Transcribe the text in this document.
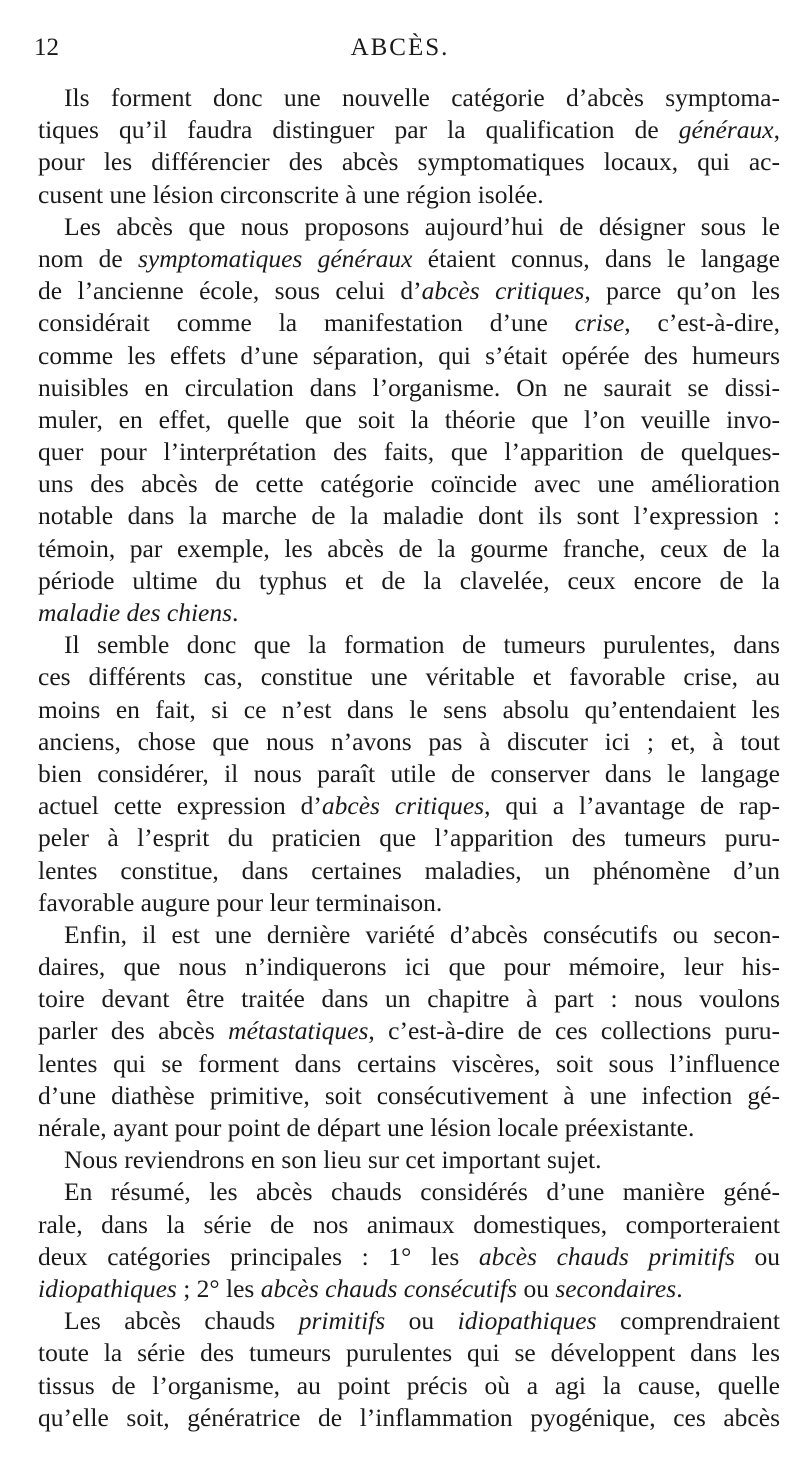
12	ABCÈS.
Ils forment donc une nouvelle catégorie d’abcès symptoma-
tiques qu’il faudra distinguer par la qualification de généraux,
pour les différencier des abcès symptomatiques locaux, qui ac-
cusent une lésion circonscrite à une région isolée.
Les abcès que nous proposons aujourd’hui de désigner sous le
nom de symptomatiques généraux étaient connus, dans le langage
de l’ancienne école, sous celui d’abcès critiques, parce qu’on les
considérait comme la manifestation d’une crise, c’est-à-dire,
comme les effets d’une séparation, qui s’était opérée des humeurs
nuisibles en circulation dans l’organisme. On ne saurait se dissi-
muler, en effet, quelle que soit la théorie que l’on veuille invo-
quer pour l’interprétation des faits, que l’apparition de quelques-
uns des abcès de cette catégorie coïncide avec une amélioration
notable dans la marche de la maladie dont ils sont l’expression :
témoin, par exemple, les abcès de la gourme franche, ceux de la
période ultime du typhus et de la clavelée, ceux encore de la
maladie des chiens.
Il semble donc que la formation de tumeurs purulentes, dans
ces différents cas, constitue une véritable et favorable crise, au
moins en fait, si ce n’est dans le sens absolu qu’entendaient les
anciens, chose que nous n’avons pas à discuter ici ; et, à tout
bien considérer, il nous paraît utile de conserver dans le langage
actuel cette expression d’abcès critiques, qui a l’avantage de rap-
peler à l’esprit du praticien que l’apparition des tumeurs puru-
lentes constitue, dans certaines maladies, un phénomène d’un
favorable augure pour leur terminaison.
Enfin, il est une dernière variété d’abcès consécutifs ou secon-
daires, que nous n’indiquerons ici que pour mémoire, leur his-
toire devant être traitée dans un chapitre à part : nous voulons
parler des abcès métastatiques, c’est-à-dire de ces collections puru-
lentes qui se forment dans certains viscères, soit sous l’influence
d’une diathèse primitive, soit consécutivement à une infection gé-
nérale, ayant pour point de départ une lésion locale préexistante.
Nous reviendrons en son lieu sur cet important sujet.
En résumé, les abcès chauds considérés d’une manière géné-
rale, dans la série de nos animaux domestiques, comporteraient
deux catégories principales : 1° les abcès chauds primitifs ou
idiopathiques ; 2° les abcès chauds consécutifs ou secondaires.
Les abcès chauds primitifs ou idiopathiques comprendraient
toute la série des tumeurs purulentes qui se développent dans les
tissus de l’organisme, au point précis où a agi la cause, quelle
qu’elle soit, génératrice de l’inflammation pyogénique, ces abcès
